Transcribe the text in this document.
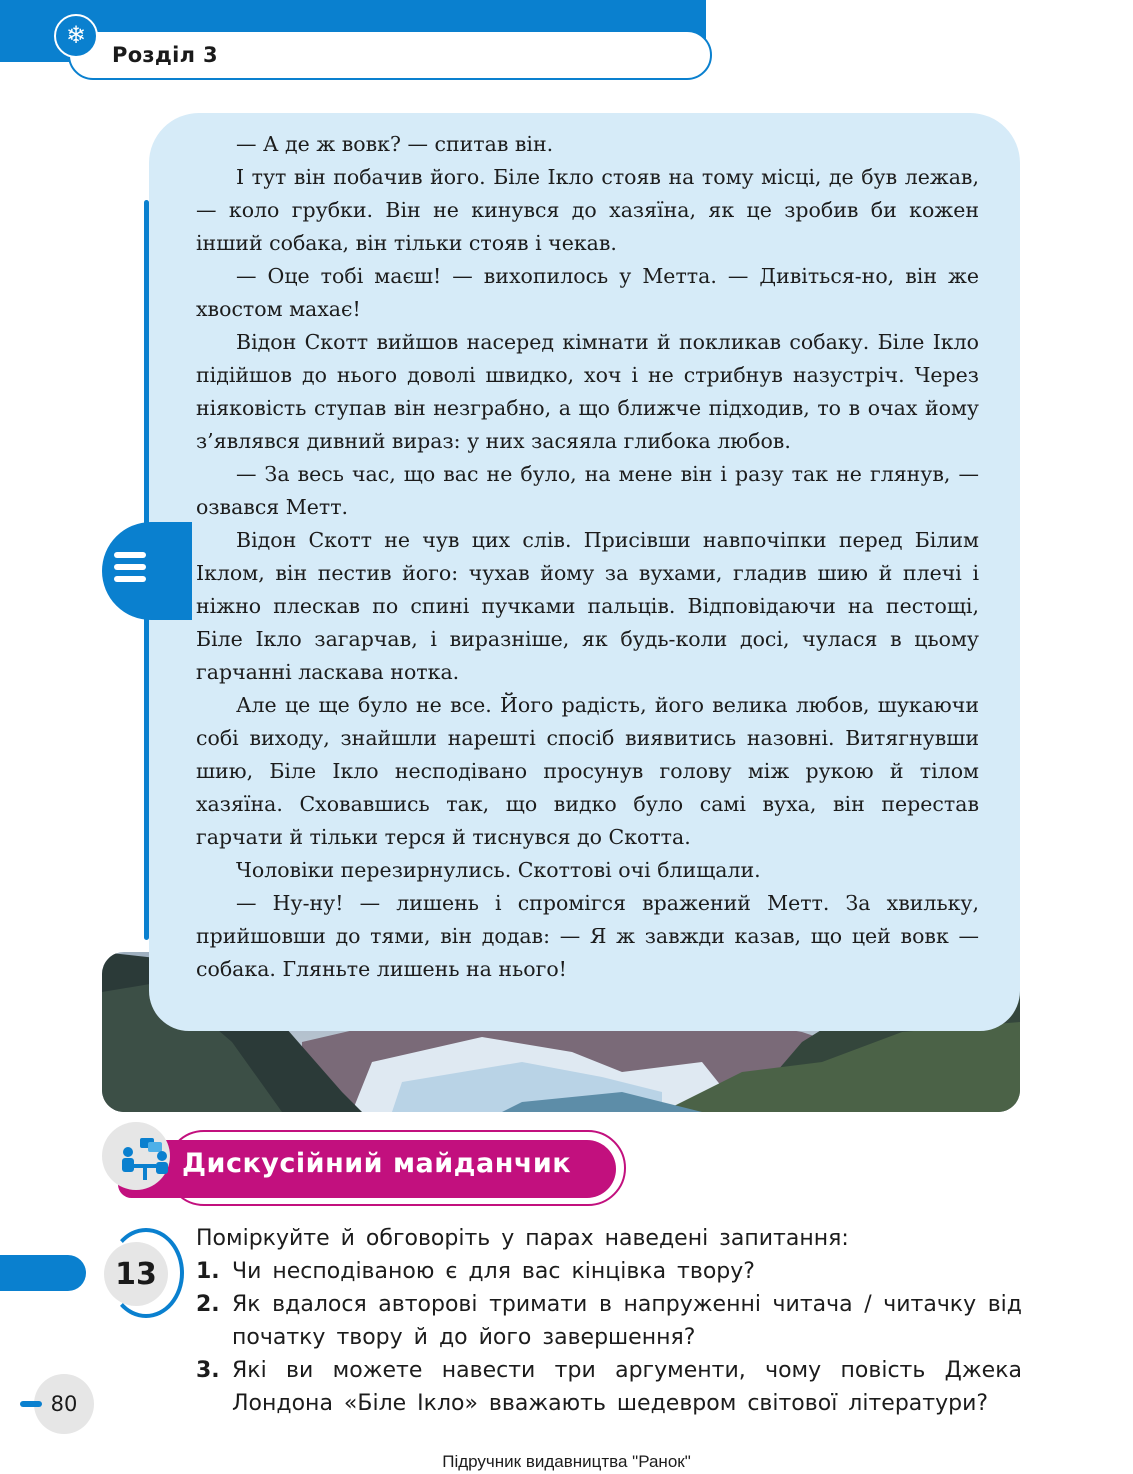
❄
Розділ 3

— А де ж вовк? — спитав він.

І тут він побачив його. Біле Ікло стояв на тому місці, де був лежав, — коло грубки. Він не кинувся до хазяїна, як це зробив би кожен інший собака, він тільки стояв і чекав.

— Оце тобі маєш! — вихопилось у Метта. — Дивіться-но, він же хвостом махає!

Відон Скотт вийшов насеред кімнати й покликав собаку. Біле Ікло підійшов до нього доволі швидко, хоч і не стрибнув назустріч. Через ніяковість ступав він незграбно, а що ближче підходив, то в очах йому з’являвся дивний вираз: у них засяяла глибока любов.

— За весь час, що вас не було, на мене він і разу так не глянув, — озвався Метт.

Відон Скотт не чув цих слів. Присівши навпочіпки перед Білим Іклом, він пестив його: чухав йому за вухами, гладив шию й плечі і ніжно плескав по спині пучками пальців. Відповідаючи на пестощі, Біле Ікло загарчав, і виразніше, як будь-коли досі, чулася в цьому гарчанні ласкава нотка.

Але це ще було не все. Його радість, його велика любов, шукаючи собі виходу, знайшли нарешті спосіб виявитись назовні. Витягнувши шию, Біле Ікло несподівано просунув голову між рукою й тілом хазяїна. Сховавшись так, що видко було самі вуха, він перестав гарчати й тільки терся й тиснувся до Скотта.

Чоловіки перезирнулись. Скоттові очі блищали.

— Ну-ну! — лишень і спромігся вражений Метт. За хвильку, прийшовши до тями, він додав: — Я ж завжди казав, що цей вовк — собака. Гляньте лишень на нього!

Дискусійний майданчик
13

Поміркуйте й обговоріть у парах наведені запитання:

1. Чи несподіваною є для вас кінцівка твору?
2. Як вдалося авторові тримати в напруженні читача / читачку від початку твору й до його завершення?
3. Які ви можете навести три аргументи, чому повість Джека Лондона «Біле Ікло» вважають шедевром світової літератури?
80
Підручник видавництва "Ранок"
